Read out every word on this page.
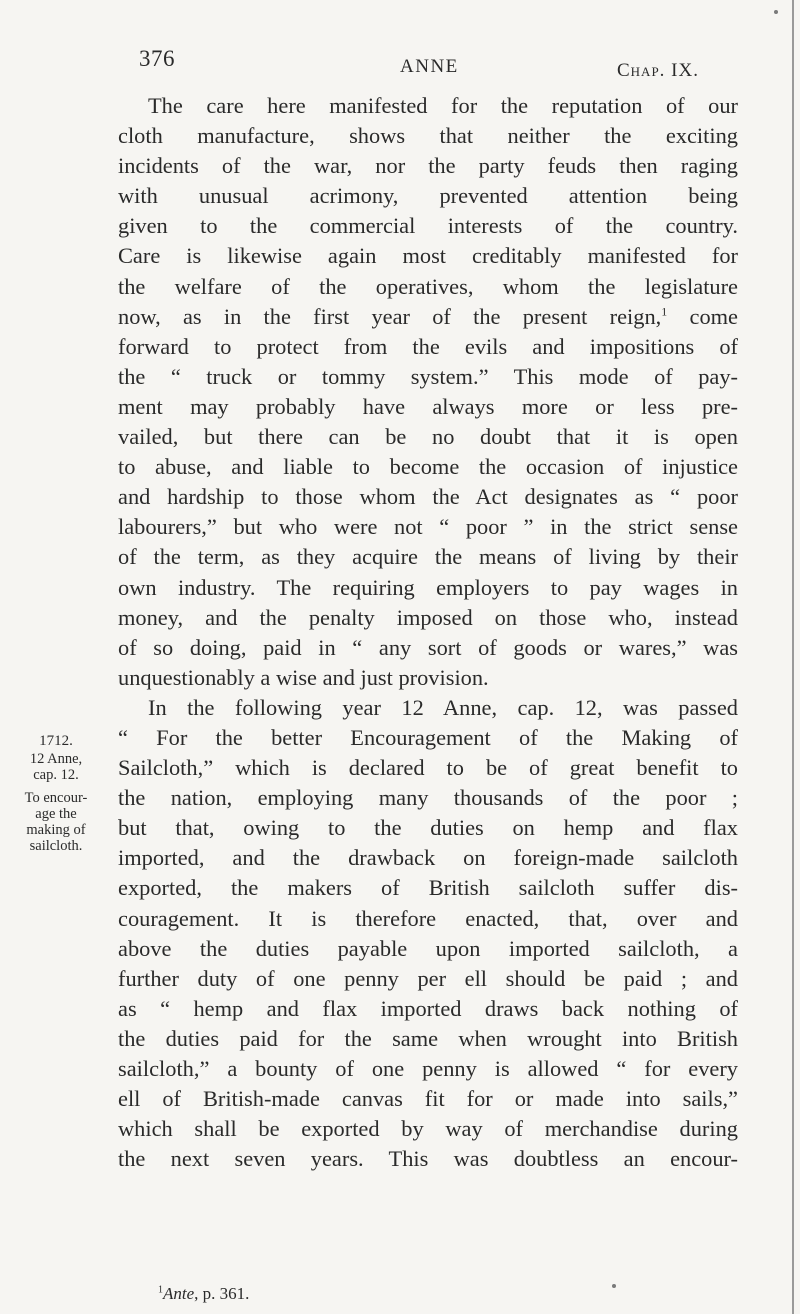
376	ANNE	Chap. IX.
1712.
12 Anne,
cap. 12.
To encour-
age the
making of
sailcloth.
The care here manifested for the reputation of our
cloth manufacture, shows that neither the exciting
incidents of the war, nor the party feuds then raging
with unusual acrimony, prevented attention being
given to the commercial interests of the country.
Care is likewise again most creditably manifested for
the welfare of the operatives, whom the legislature
now, as in the first year of the present reign,$^1$ come
forward to protect from the evils and impositions of
the “ truck or tommy system.” This mode of pay-
ment may probably have always more or less pre-
vailed, but there can be no doubt that it is open
to abuse, and liable to become the occasion of injustice
and hardship to those whom the Act designates as “ poor
labourers,” but who were not “ poor ” in the strict sense
of the term, as they acquire the means of living by their
own industry. The requiring employers to pay wages in
money, and the penalty imposed on those who, instead
of so doing, paid in “ any sort of goods or wares,” was
unquestionably a wise and just provision.
In the following year 12 Anne, cap. 12, was passed
“ For the better Encouragement of the Making of
Sailcloth,” which is declared to be of great benefit to
the nation, employing many thousands of the poor ;
but that, owing to the duties on hemp and flax
imported, and the drawback on foreign-made sailcloth
exported, the makers of British sailcloth suffer dis-
couragement. It is therefore enacted, that, over and
above the duties payable upon imported sailcloth, a
further duty of one penny per ell should be paid ; and
as “ hemp and flax imported draws back nothing of
the duties paid for the same when wrought into British
sailcloth,” a bounty of one penny is allowed “ for every
ell of British-made canvas fit for or made into sails,”
which shall be exported by way of merchandise during
the next seven years. This was doubtless an encour-
$^1$Ante, p. 361.
